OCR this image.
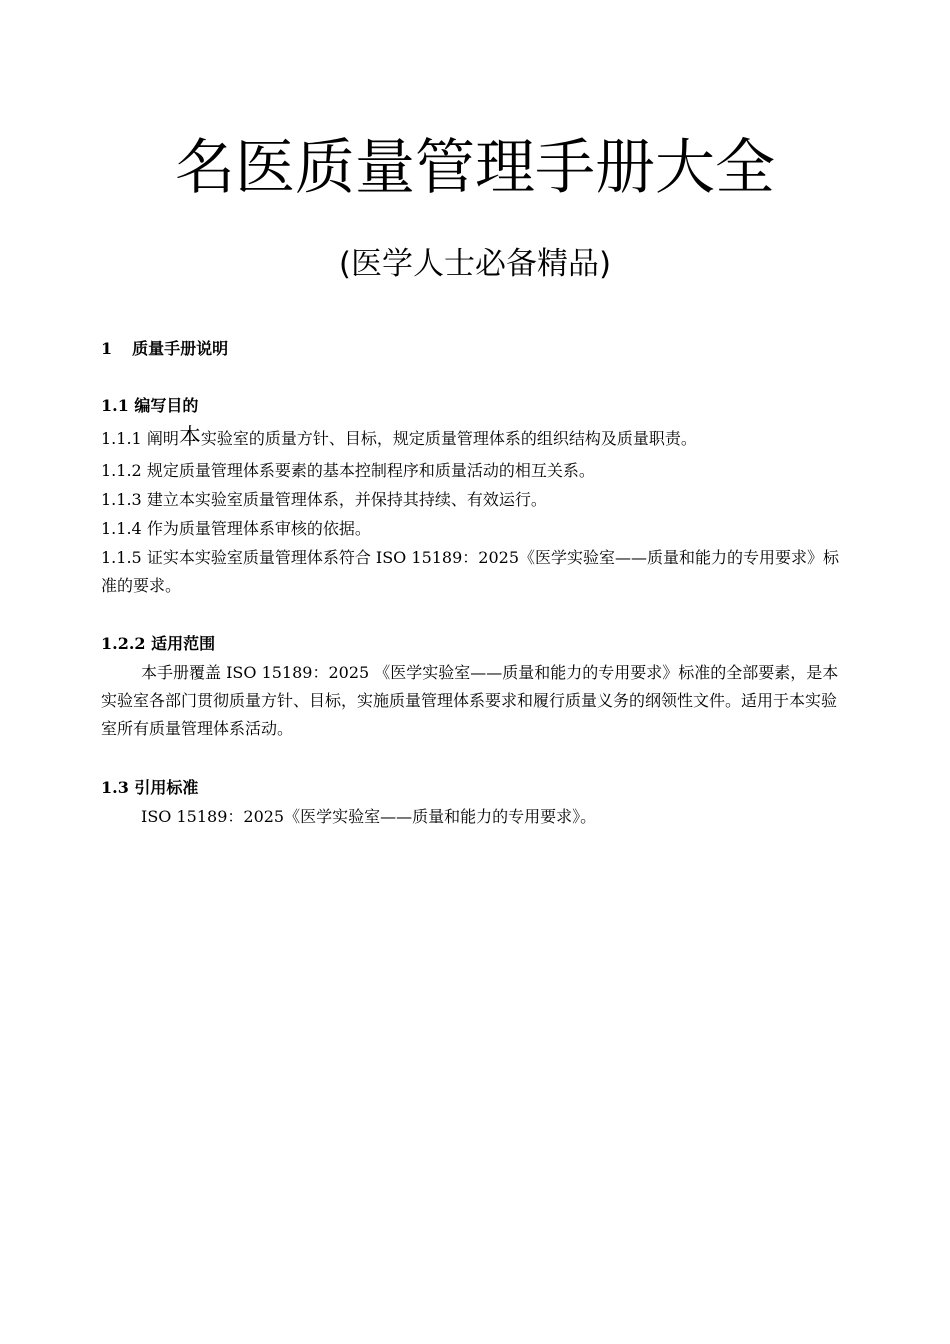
名医质量管理手册大全
(医学人士必备精品)
1 质量手册说明
1.1 编写目的
1.1.1 阐明本实验室的质量方针、目标，规定质量管理体系的组织结构及质量职责。
1.1.2 规定质量管理体系要素的基本控制程序和质量活动的相互关系。
1.1.3 建立本实验室质量管理体系，并保持其持续、有效运行。
1.1.4 作为质量管理体系审核的依据。
1.1.5 证实本实验室质量管理体系符合 ISO 15189：2025《医学实验室——质量和能力的专用要求》标准的要求。
1.2.2 适用范围
本手册覆盖 ISO 15189：2025 《医学实验室——质量和能力的专用要求》标准的全部要素，是本实验室各部门贯彻质量方针、目标，实施质量管理体系要求和履行质量义务的纲领性文件。适用于本实验室所有质量管理体系活动。
1.3 引用标准
ISO 15189：2025《医学实验室——质量和能力的专用要求》。
